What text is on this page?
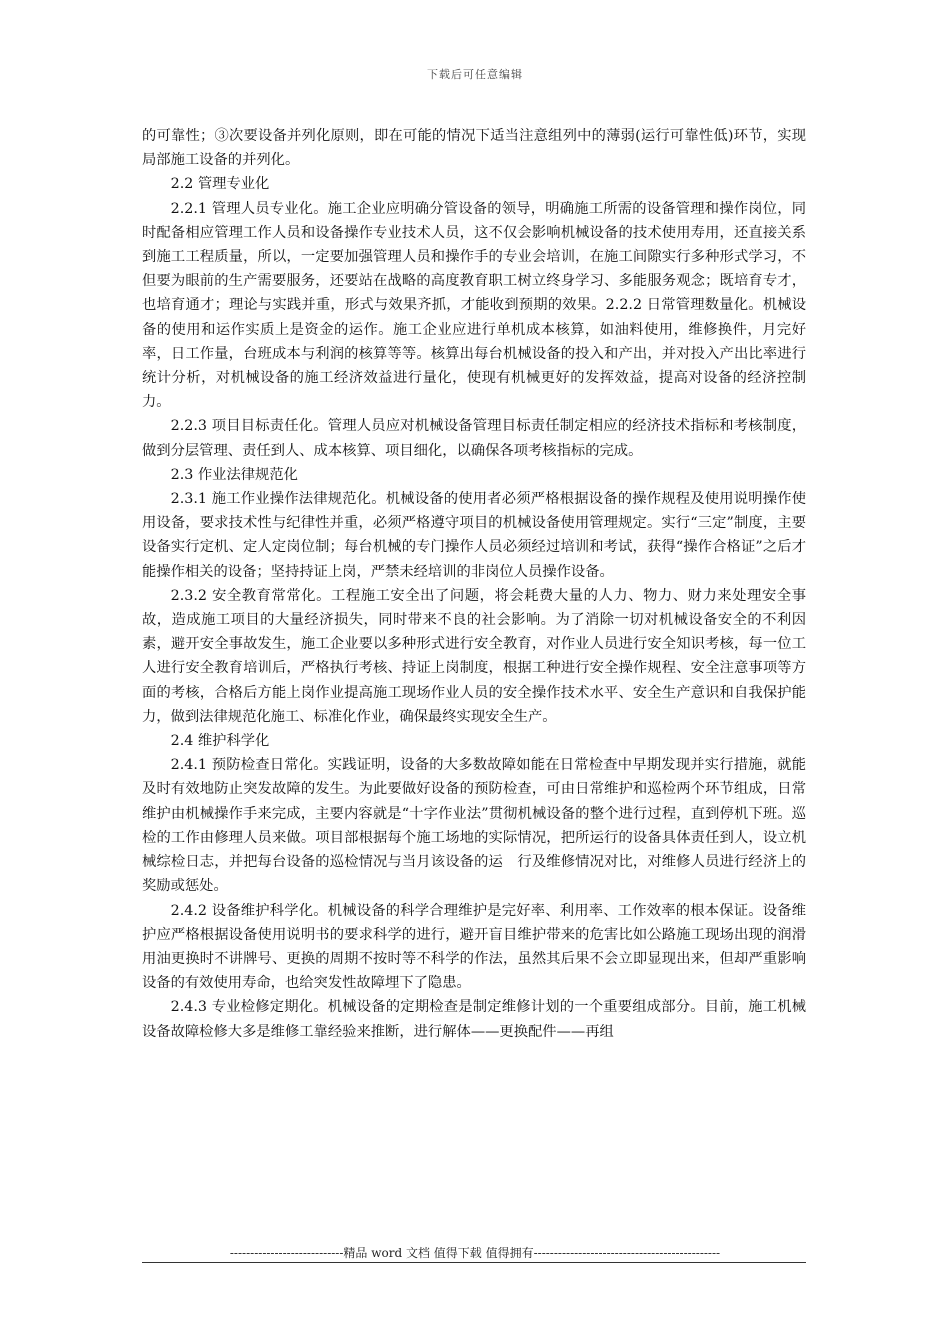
下载后可任意编辑

的可靠性；③次要设备并列化原则，即在可能的情况下适当注意组列中的薄弱(运行可靠性低)环节，实现局部施工设备的并列化。

2.2 管理专业化

2.2.1 管理人员专业化。施工企业应明确分管设备的领导，明确施工所需的设备管理和操作岗位，同时配备相应管理工作人员和设备操作专业技术人员，这不仅会影响机械设备的技术使用寿用，还直接关系到施工工程质量，所以，一定要加强管理人员和操作手的专业会培训，在施工间隙实行多种形式学习，不但要为眼前的生产需要服务，还要站在战略的高度教育职工树立终身学习、多能服务观念；既培育专才，也培育通才；理论与实践并重，形式与效果齐抓，才能收到预期的效果。2.2.2 日常管理数量化。机械设备的使用和运作实质上是资金的运作。施工企业应进行单机成本核算，如油料使用，维修换件，月完好率，日工作量，台班成本与利润的核算等等。核算出每台机械设备的投入和产出，并对投入产出比率进行统计分析，对机械设备的施工经济效益进行量化，使现有机械更好的发挥效益，提高对设备的经济控制力。

2.2.3 项目目标责任化。管理人员应对机械设备管理目标责任制定相应的经济技术指标和考核制度，做到分层管理、责任到人、成本核算、项目细化，以确保各项考核指标的完成。

2.3 作业法律规范化

2.3.1 施工作业操作法律规范化。机械设备的使用者必须严格根据设备的操作规程及使用说明操作使用设备，要求技术性与纪律性并重，必须严格遵守项目的机械设备使用管理规定。实行“三定”制度，主要设备实行定机、定人定岗位制；每台机械的专门操作人员必须经过培训和考试，获得“操作合格证”之后才能操作相关的设备；坚持持证上岗，严禁未经培训的非岗位人员操作设备。

2.3.2 安全教育常常化。工程施工安全出了问题，将会耗费大量的人力、物力、财力来处理安全事故，造成施工项目的大量经济损失，同时带来不良的社会影响。为了消除一切对机械设备安全的不利因素，避开安全事故发生，施工企业要以多种形式进行安全教育，对作业人员进行安全知识考核，每一位工人进行安全教育培训后，严格执行考核、持证上岗制度，根据工种进行安全操作规程、安全注意事项等方面的考核，合格后方能上岗作业提高施工现场作业人员的安全操作技术水平、安全生产意识和自我保护能力，做到法律规范化施工、标准化作业，确保最终实现安全生产。

2.4 维护科学化

2.4.1 预防检查日常化。实践证明，设备的大多数故障如能在日常检查中早期发现并实行措施，就能及时有效地防止突发故障的发生。为此要做好设备的预防检查，可由日常维护和巡检两个环节组成，日常维护由机械操作手来完成，主要内容就是“十字作业法”贯彻机械设备的整个进行过程，直到停机下班。巡检的工作由修理人员来做。项目部根据每个施工场地的实际情况，把所运行的设备具体责任到人，设立机械综检日志，并把每台设备的巡检情况与当月该设备的运　行及维修情况对比，对维修人员进行经济上的奖励或惩处。

2.4.2 设备维护科学化。机械设备的科学合理维护是完好率、利用率、工作效率的根本保证。设备维护应严格根据设备使用说明书的要求科学的进行，避开盲目维护带来的危害比如公路施工现场出现的润滑用油更换时不讲牌号、更换的周期不按时等不科学的作法，虽然其后果不会立即显现出来，但却严重影响设备的有效使用寿命，也给突发性故障埋下了隐患。

2.4.3 专业检修定期化。机械设备的定期检查是制定维修计划的一个重要组成部分。目前，施工机械设备故障检修大多是维修工靠经验来推断，进行解体——更换配件——再组

----------------------------精品 word 文档 值得下载 值得拥有----------------------------------------------
